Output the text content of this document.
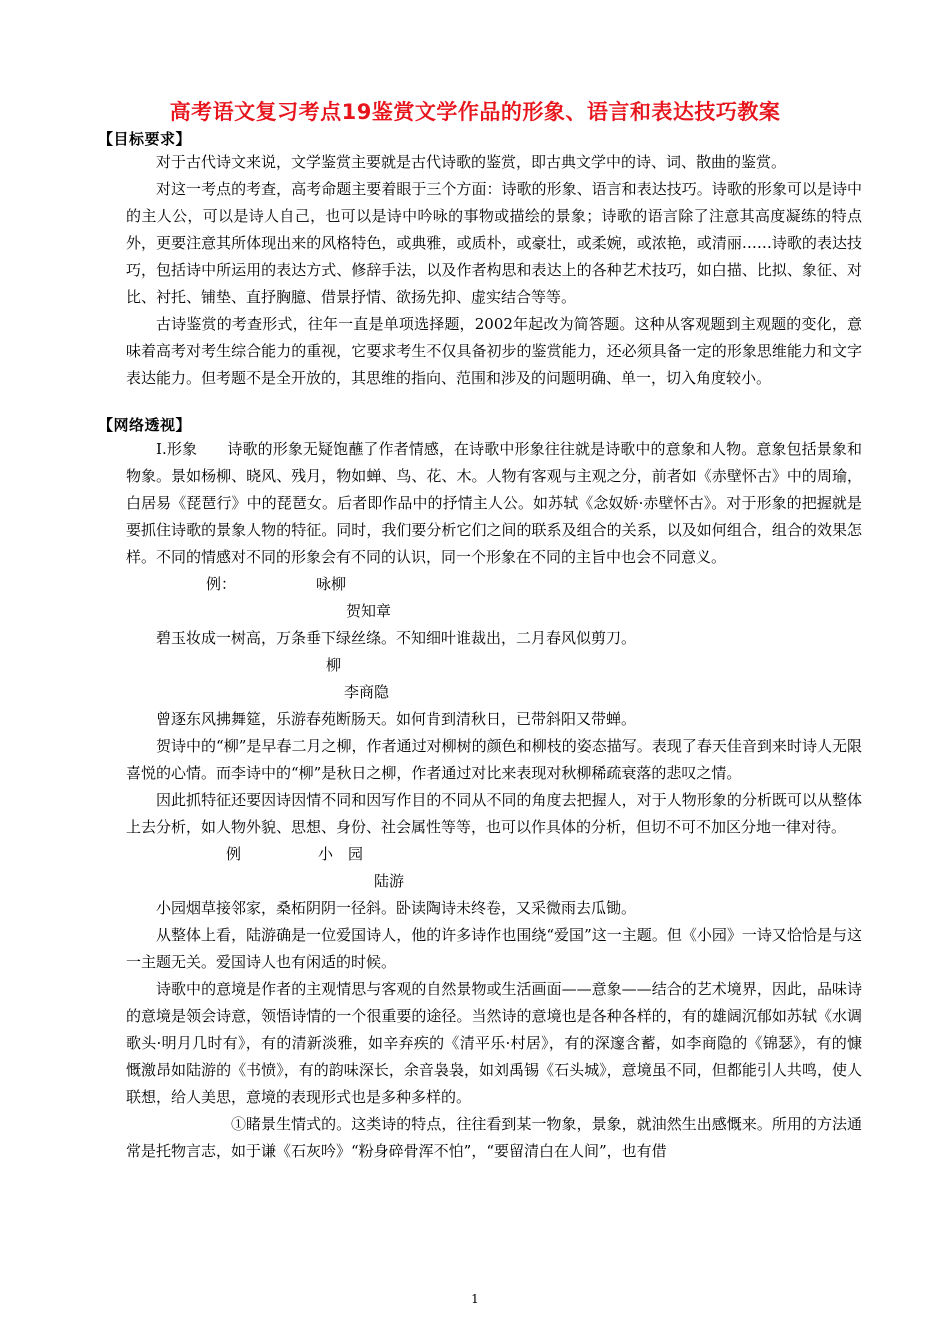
高考语文复习考点19鉴赏文学作品的形象、语言和表达技巧教案
【目标要求】

对于古代诗文来说，文学鉴赏主要就是古代诗歌的鉴赏，即古典文学中的诗、词、散曲的鉴赏。

对这一考点的考查，高考命题主要着眼于三个方面：诗歌的形象、语言和表达技巧。诗歌的形象可以是诗中的主人公，可以是诗人自己，也可以是诗中吟咏的事物或描绘的景象；诗歌的语言除了注意其高度凝练的特点外，更要注意其所体现出来的风格特色，或典雅，或质朴，或豪壮，或柔婉，或浓艳，或清丽……诗歌的表达技巧，包括诗中所运用的表达方式、修辞手法，以及作者构思和表达上的各种艺术技巧，如白描、比拟、象征、对比、衬托、铺垫、直抒胸臆、借景抒情、欲扬先抑、虚实结合等等。

古诗鉴赏的考查形式，往年一直是单项选择题，2002年起改为简答题。这种从客观题到主观题的变化，意味着高考对考生综合能力的重视，它要求考生不仅具备初步的鉴赏能力，还必须具备一定的形象思维能力和文字表达能力。但考题不是全开放的，其思维的指向、范围和涉及的问题明确、单一，切入角度较小。

【网络透视】

Ⅰ.形象　　诗歌的形象无疑饱蘸了作者情感，在诗歌中形象往往就是诗歌中的意象和人物。意象包括景象和物象。景如杨柳、晓风、残月，物如蝉、鸟、花、木。人物有客观与主观之分，前者如《赤壁怀古》中的周瑜，白居易《琵琶行》中的琵琶女。后者即作品中的抒情主人公。如苏轼《念奴娇·赤壁怀古》。对于形象的把握就是要抓住诗歌的景象人物的特征。同时，我们要分析它们之间的联系及组合的关系，以及如何组合，组合的效果怎样。不同的情感对不同的形象会有不同的认识，同一个形象在不同的主旨中也会不同意义。

例：	咏柳
贺知章

碧玉妆成一树高，万条垂下绿丝绦。不知细叶谁裁出，二月春风似剪刀。

柳
李商隐

曾逐东风拂舞筵，乐游春苑断肠天。如何肯到清秋日，已带斜阳又带蝉。

贺诗中的“柳”是早春二月之柳，作者通过对柳树的颜色和柳枝的姿态描写。表现了春天佳音到来时诗人无限喜悦的心情。而李诗中的“柳”是秋日之柳，作者通过对比来表现对秋柳稀疏衰落的悲叹之情。

因此抓特征还要因诗因情不同和因写作目的不同从不同的角度去把握人，对于人物形象的分析既可以从整体上去分析，如人物外貌、思想、身份、社会属性等等，也可以作具体的分析，但切不可不加区分地一律对待。

例	小　园
陆游

小园烟草接邻家，桑柘阴阴一径斜。卧读陶诗未终卷，又采微雨去瓜锄。

从整体上看，陆游确是一位爱国诗人，他的许多诗作也围绕“爱国”这一主题。但《小园》一诗又恰恰是与这一主题无关。爱国诗人也有闲适的时候。

诗歌中的意境是作者的主观情思与客观的自然景物或生活画面——意象——结合的艺术境界，因此，品味诗的意境是领会诗意，领悟诗情的一个很重要的途径。当然诗的意境也是各种各样的，有的雄阔沉郁如苏轼《水调歌头·明月几时有》，有的清新淡雅，如辛弃疾的《清平乐·村居》，有的深邃含蓄，如李商隐的《锦瑟》，有的慷慨激昂如陆游的《书愤》，有的韵味深长，余音袅袅，如刘禹锡《石头城》，意境虽不同，但都能引人共鸣，使人联想，给人美思，意境的表现形式也是多种多样的。

①睹景生情式的。这类诗的特点，往往看到某一物象，景象，就油然生出感慨来。所用的方法通常是托物言志，如于谦《石灰吟》“粉身碎骨浑不怕”，“要留清白在人间”，也有借

1
